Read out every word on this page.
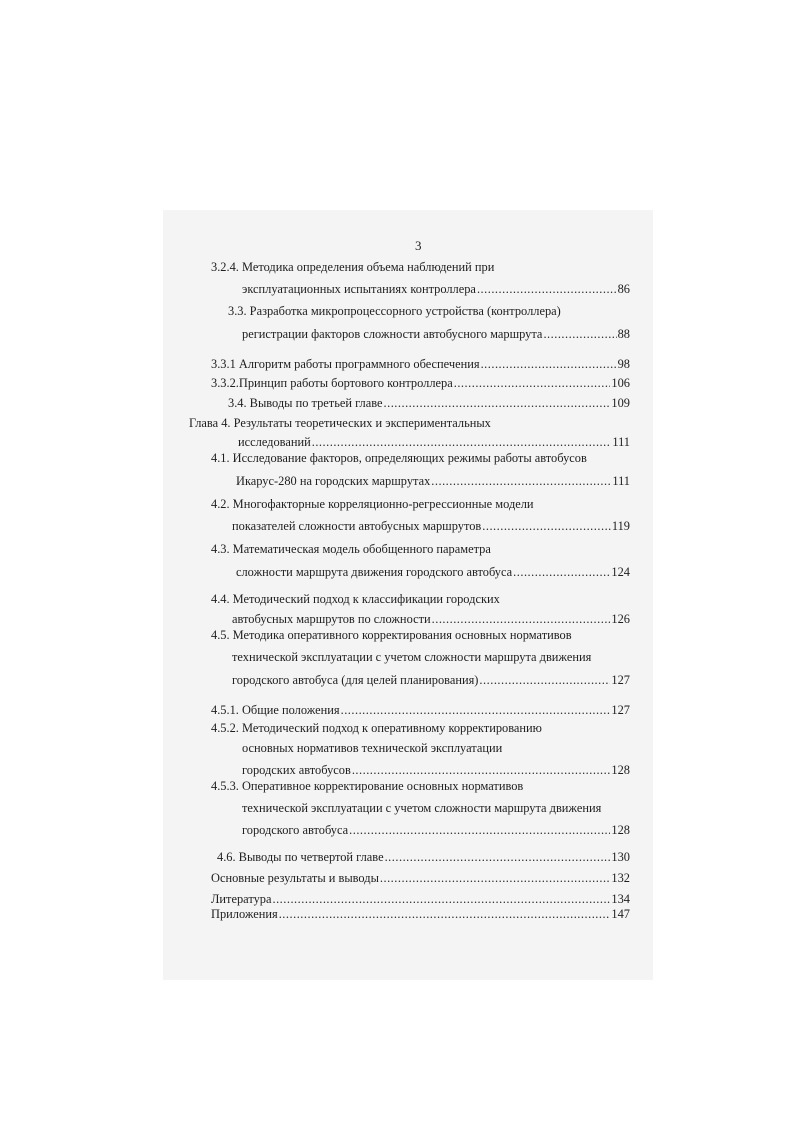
3
3.2.4. Методика определения объема наблюдений при
эксплуатационных испытаниях контроллера .....	86
3.3. Разработка микропроцессорного устройства (контроллера)
регистрации факторов сложности автобусного маршрута .....	88
3.3.1 Алгоритм работы программного обеспечения .....	98
3.3.2.Принцип работы бортового контроллера .....	106
3.4. Выводы по третьей главе .....	109
Глава 4. Результаты теоретических и экспериментальных
исследований .....	111
4.1. Исследование факторов, определяющих режимы работы автобусов
Икарус-280 на городских маршрутах .....	111
4.2. Многофакторные корреляционно-регрессионные модели
показателей сложности автобусных маршрутов .....	119
4.3. Математическая модель обобщенного параметра
сложности маршрута движения городского автобуса .....	124
4.4. Методический подход к классификации городских
автобусных маршрутов по сложности .....	126
4.5. Методика оперативного корректирования основных нормативов
технической эксплуатации с учетом сложности маршрута движения
городского автобуса (для целей планирования) .....	127
4.5.1. Общие положения .....	127
4.5.2. Методический подход к оперативному корректированию
основных нормативов технической эксплуатации
городских автобусов .....	128
4.5.3. Оперативное корректирование основных нормативов
технической эксплуатации с учетом сложности маршрута движения
городского автобуса .....	128
4.6. Выводы по четвертой главе .....	130
Основные результаты и выводы .....	132
Литература .....	134
Приложения .....	147
